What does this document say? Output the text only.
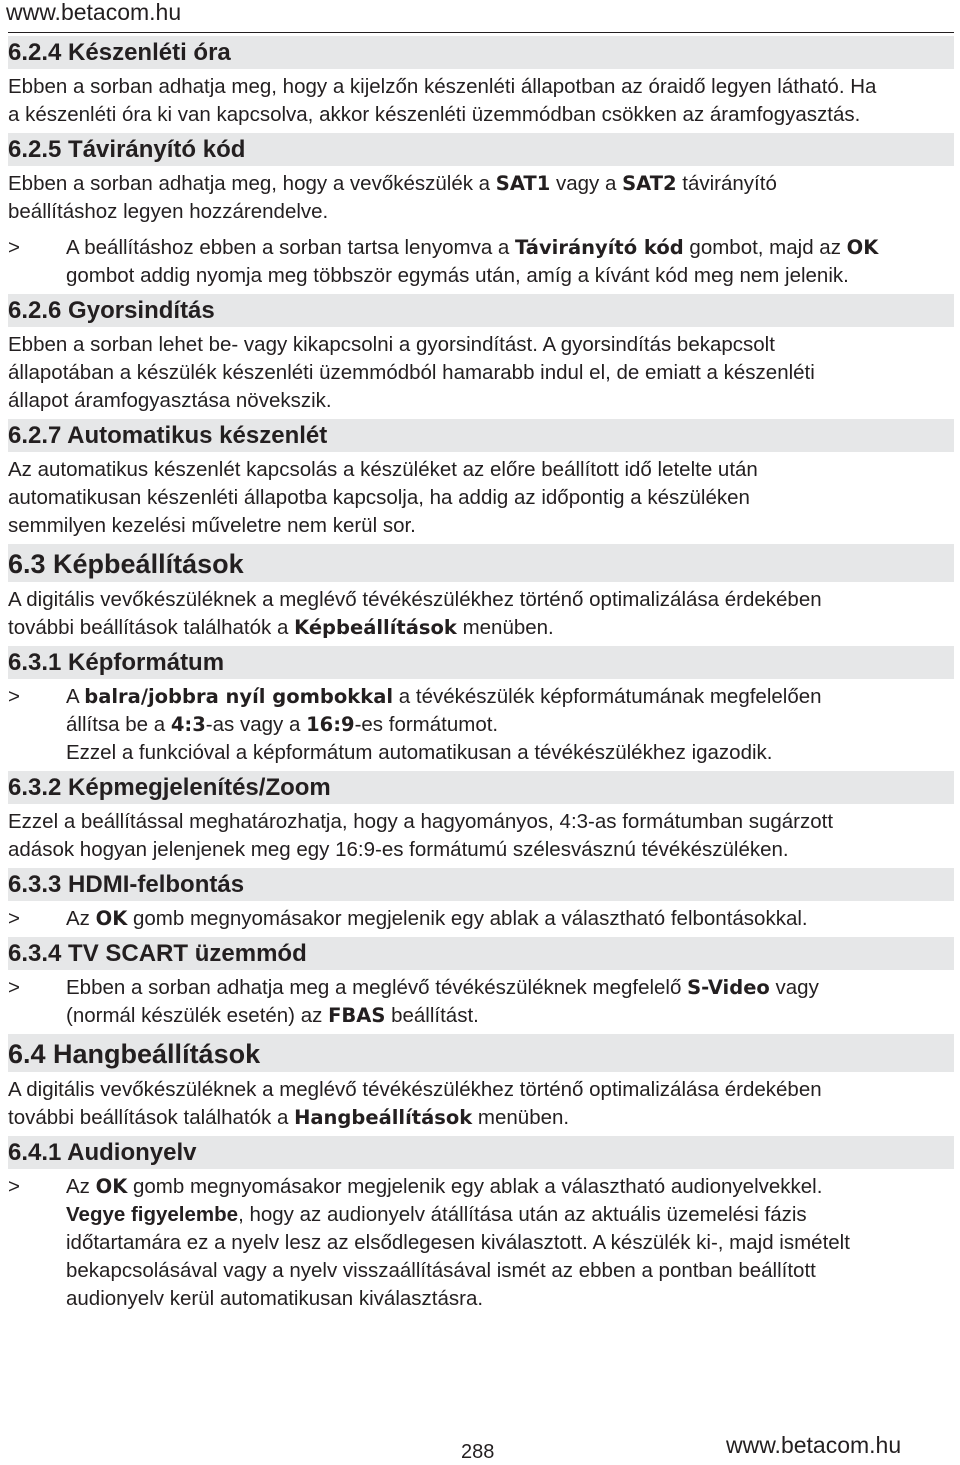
www.betacom.hu
6.2.4 Készenléti óra
Ebben a sorban adhatja meg, hogy a kijelzőn készenléti állapotban az óraidő legyen látható. Ha
a készenléti óra ki van kapcsolva, akkor készenléti üzemmódban csökken az áramfogyasztás.
6.2.5 Távirányító kód
Ebben a sorban adhatja meg, hogy a vevőkészülék a SAT1 vagy a SAT2 távirányító
beállításhoz legyen hozzárendelve.
> A beállításhoz ebben a sorban tartsa lenyomva a Távirányító kód gombot, majd az OK
gombot addig nyomja meg többször egymás után, amíg a kívánt kód meg nem jelenik.
6.2.6 Gyorsindítás
Ebben a sorban lehet be- vagy kikapcsolni a gyorsindítást. A gyorsindítás bekapcsolt
állapotában a készülék készenléti üzemmódból hamarabb indul el, de emiatt a készenléti
állapot áramfogyasztása növekszik.
6.2.7 Automatikus készenlét
Az automatikus készenlét kapcsolás a készüléket az előre beállított idő letelte után
automatikusan készenléti állapotba kapcsolja, ha addig az időpontig a készüléken
semmilyen kezelési műveletre nem kerül sor.
6.3 Képbeállítások
A digitális vevőkészüléknek a meglévő tévékészülékhez történő optimalizálása érdekében
további beállítások találhatók a Képbeállítások menüben.
6.3.1 Képformátum
> A balra/jobbra nyíl gombokkal a tévékészülék képformátumának megfelelően
állítsa be a 4:3-as vagy a 16:9-es formátumot.
Ezzel a funkcióval a képformátum automatikusan a tévékészülékhez igazodik.
6.3.2 Képmegjelenítés/Zoom
Ezzel a beállítással meghatározhatja, hogy a hagyományos, 4:3-as formátumban sugárzott
adások hogyan jelenjenek meg egy 16:9-es formátumú szélesvásznú tévékészüléken.
6.3.3 HDMI-felbontás
> Az OK gomb megnyomásakor megjelenik egy ablak a választható felbontásokkal.
6.3.4 TV SCART üzemmód
> Ebben a sorban adhatja meg a meglévő tévékészüléknek megfelelő S-Video vagy
(normál készülék esetén) az FBAS beállítást.
6.4 Hangbeállítások
A digitális vevőkészüléknek a meglévő tévékészülékhez történő optimalizálása érdekében
további beállítások találhatók a Hangbeállítások menüben.
6.4.1 Audionyelv
> Az OK gomb megnyomásakor megjelenik egy ablak a választható audionyelvekkel.
Vegye figyelembe, hogy az audionyelv átállítása után az aktuális üzemelési fázis
időtartamára ez a nyelv lesz az elsődlegesen kiválasztott. A készülék ki-, majd ismételt
bekapcsolásával vagy a nyelv visszaállításával ismét az ebben a pontban beállított
audionyelv kerül automatikusan kiválasztásra.
288	www.betacom.hu
